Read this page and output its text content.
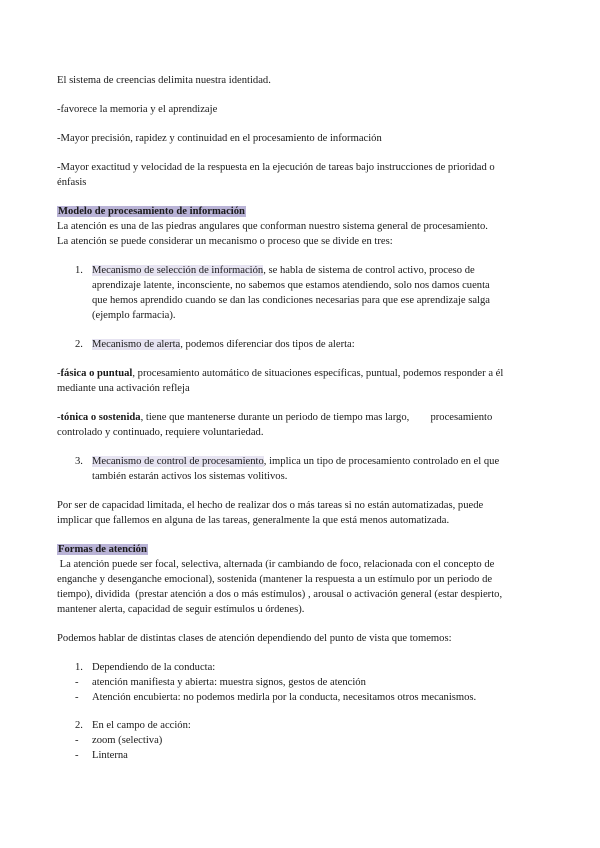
El sistema de creencias delimita nuestra identidad.

-favorece la memoria y el aprendizaje

-Mayor precisión, rapidez y continuidad en el procesamiento de información

-Mayor exactitud y velocidad de la respuesta en la ejecución de tareas bajo instrucciones de prioridad o

énfasis

Modelo de procesamiento de información

La atención es una de las piedras angulares que conforman nuestro sistema general de procesamiento.

La atención se puede considerar un mecanismo o proceso que se divide en tres:

1. Mecanismo de selección de información, se habla de sistema de control activo, proceso de

aprendizaje latente, inconsciente, no sabemos que estamos atendiendo, solo nos damos cuenta

que hemos aprendido cuando se dan las condiciones necesarias para que ese aprendizaje salga

(ejemplo farmacia).

2. Mecanismo de alerta, podemos diferenciar dos tipos de alerta:

-fásica o puntual, procesamiento automático de situaciones específicas, puntual, podemos responder a él

mediante una activación refleja

-tónica o sostenida, tiene que mantenerse durante un periodo de tiempo mas largo,        procesamiento

controlado y continuado, requiere voluntariedad.

3. Mecanismo de control de procesamiento, implica un tipo de procesamiento controlado en el que

también estarán activos los sistemas volitivos.

Por ser de capacidad limitada, el hecho de realizar dos o más tareas si no están automatizadas, puede

implicar que fallemos en alguna de las tareas, generalmente la que está menos automatizada.

Formas de atención

La atención puede ser focal, selectiva, alternada (ir cambiando de foco, relacionada con el concepto de

enganche y desenganche emocional), sostenida (mantener la respuesta a un estímulo por un periodo de

tiempo), dividida  (prestar atención a dos o más estímulos) , arousal o activación general (estar despierto,

mantener alerta, capacidad de seguir estímulos u órdenes).

Podemos hablar de distintas clases de atención dependiendo del punto de vista que tomemos:

1. Dependiendo de la conducta:

- atención manifiesta y abierta: muestra signos, gestos de atención

- Atención encubierta: no podemos medirla por la conducta, necesitamos otros mecanismos.

2. En el campo de acción:

- zoom (selectiva)

- Linterna
